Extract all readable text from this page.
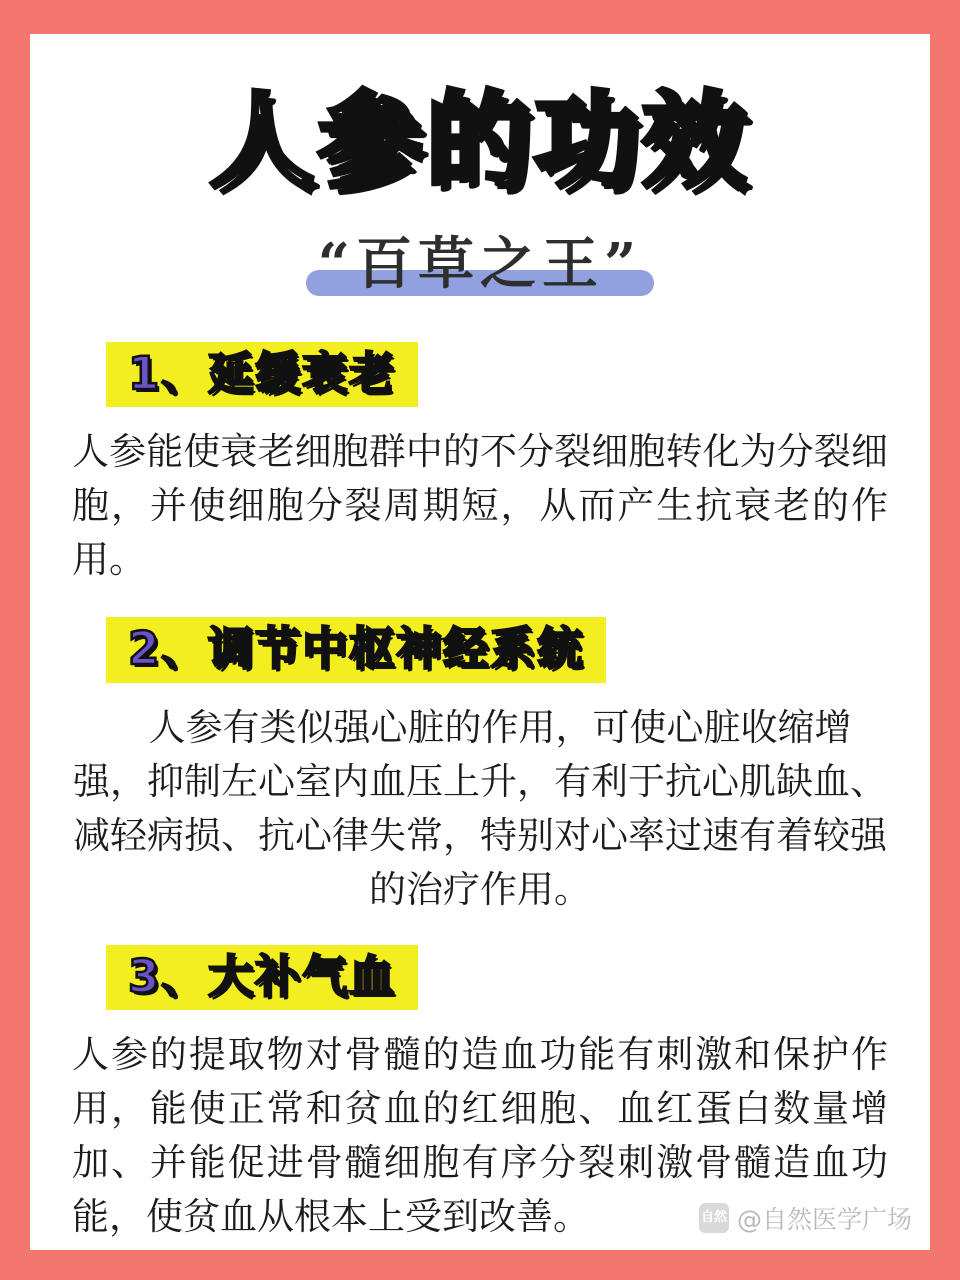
人参的功效
“百草之王”
1、延缓衰老

人参能使衰老细胞群中的不分裂细胞转化为分裂细胞，并使细胞分裂周期短，从而产生抗衰老的作用。

2、调节中枢神经系统

人参有类似强心脏的作用，可使心脏收缩增强，抑制左心室内血压上升，有利于抗心肌缺血、减轻病损、抗心律失常，特别对心率过速有着较强的治疗作用。

3、大补气血

人参的提取物对骨髓的造血功能有刺激和保护作用，能使正常和贫血的红细胞、血红蛋白数量增加、并能促进骨髓细胞有序分裂刺激骨髓造血功能，使贫血从根本上受到改善。	自然 @自然医学广场
